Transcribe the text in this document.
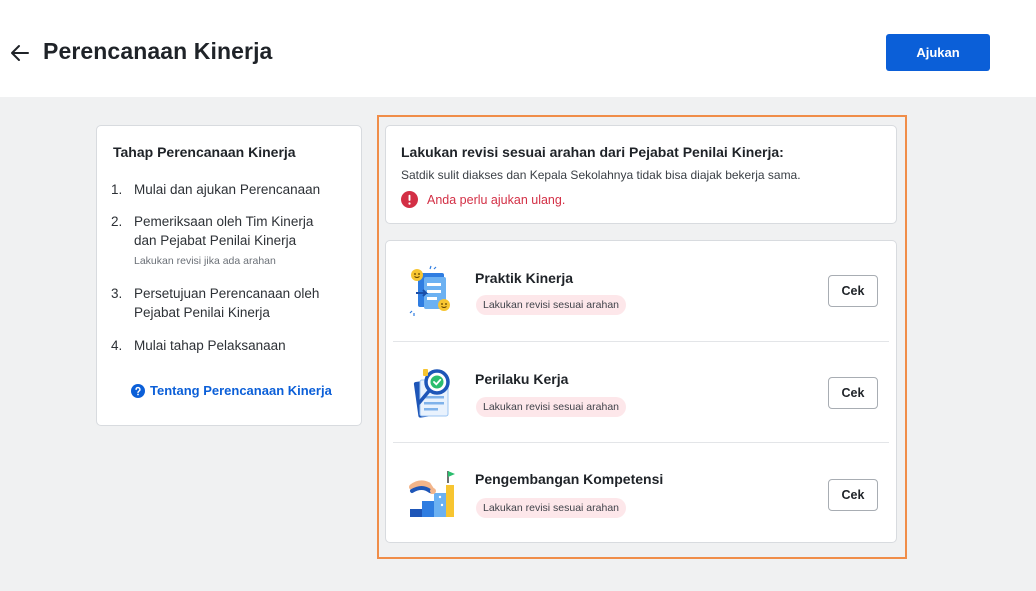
Perencanaan Kinerja	Ajukan
Tahap Perencanaan Kinerja
1. Mulai dan ajukan Perencanaan
2. Pemeriksaan oleh Tim Kinerja dan Pejabat Penilai Kinerja
Lakukan revisi jika ada arahan
3. Persetujuan Perencanaan oleh Pejabat Penilai Kinerja
4. Mulai tahap Pelaksanaan
Tentang Perencanaan Kinerja
Lakukan revisi sesuai arahan dari Pejabat Penilai Kinerja:
Satdik sulit diakses dan Kepala Sekolahnya tidak bisa diajak bekerja sama.
Anda perlu ajukan ulang.
Praktik Kinerja
Lakukan revisi sesuai arahan
Cek
Perilaku Kerja
Lakukan revisi sesuai arahan
Cek
Pengembangan Kompetensi
Lakukan revisi sesuai arahan
Cek
